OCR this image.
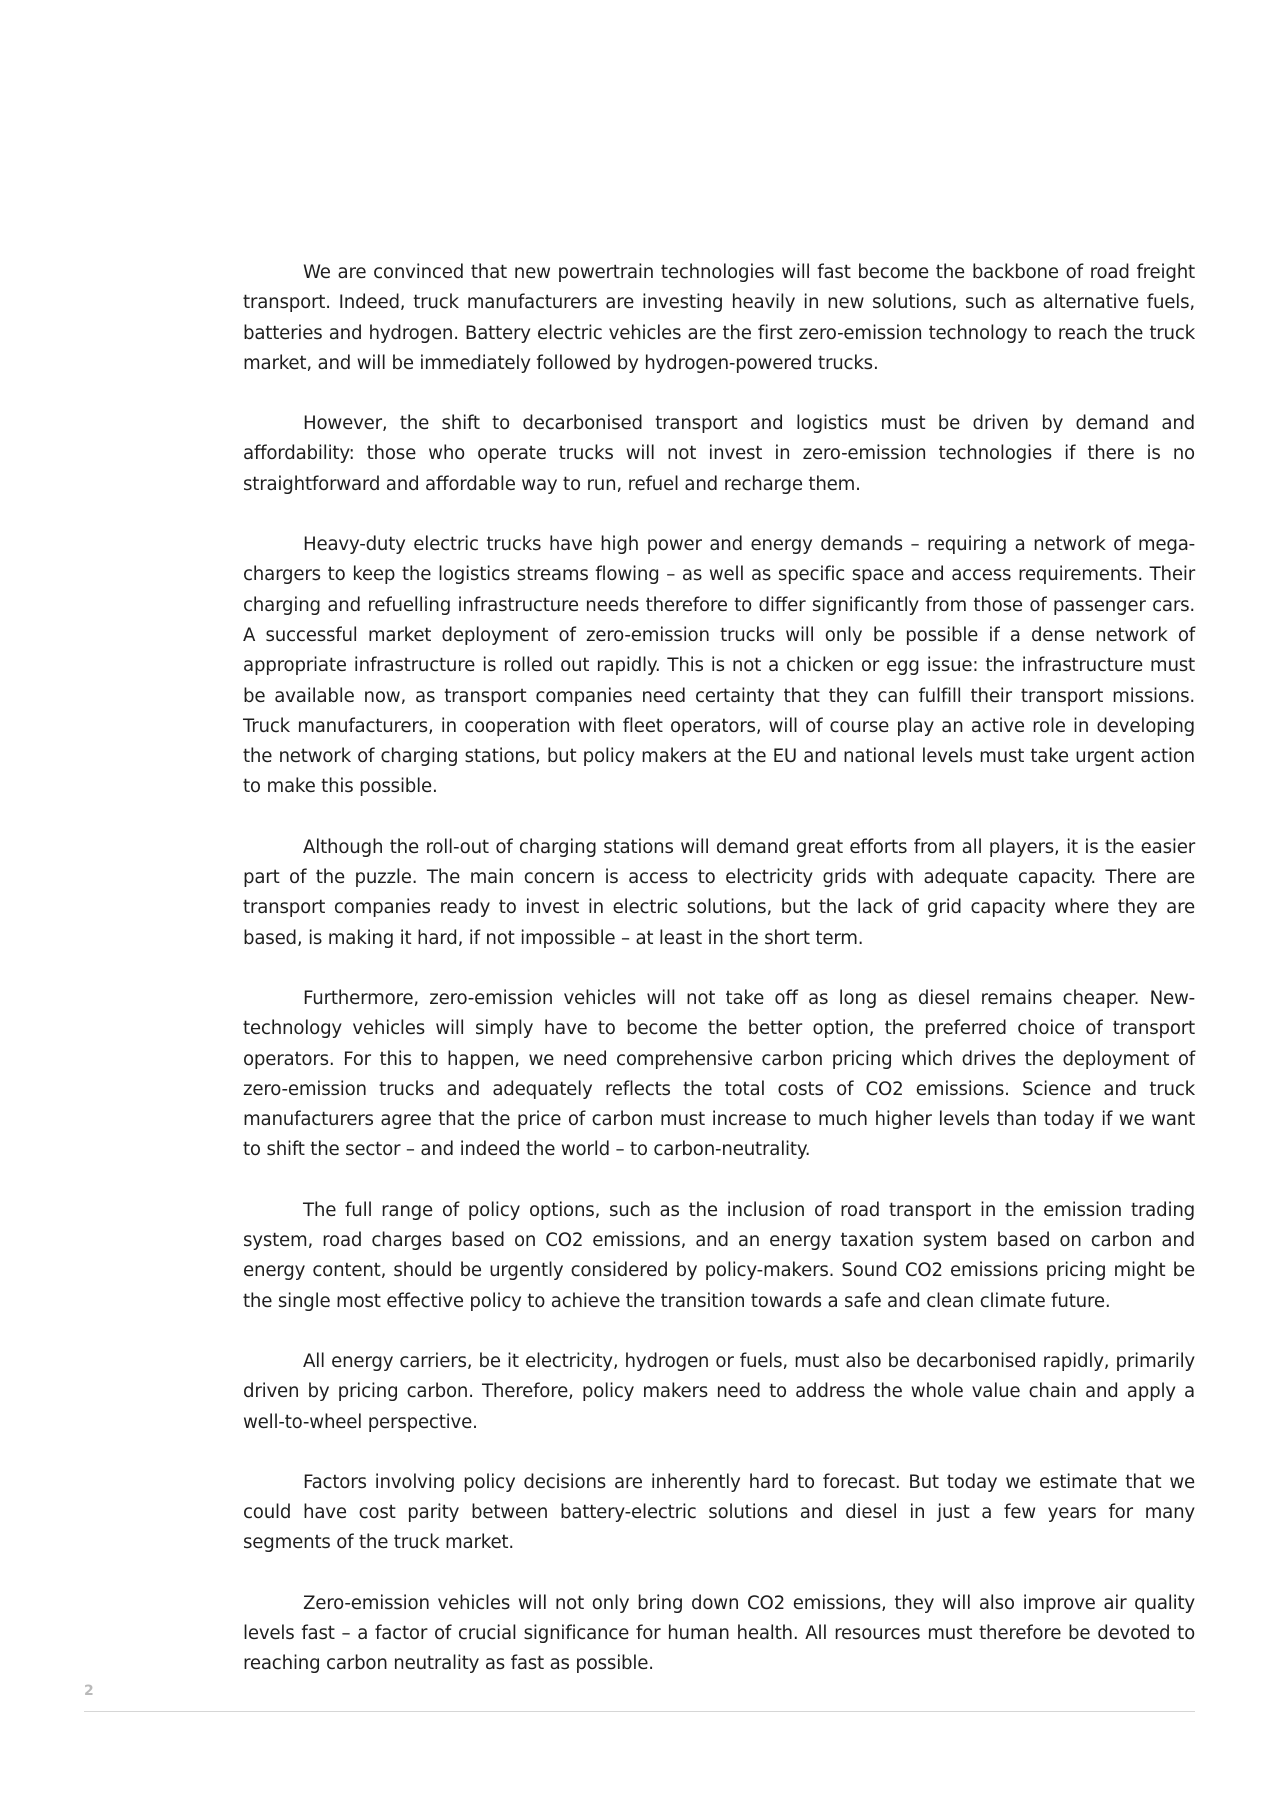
We are convinced that new powertrain technologies will fast become the backbone of road freight transport. Indeed, truck manufacturers are investing heavily in new solutions, such as alternative fuels, batteries and hydrogen. Battery electric vehicles are the first zero-emission technology to reach the truck market, and will be immediately followed by hydrogen-powered trucks.

However, the shift to decarbonised transport and logistics must be driven by demand and affordability: those who operate trucks will not invest in zero-emission technologies if there is no straightforward and affordable way to run, refuel and recharge them.

Heavy-duty electric trucks have high power and energy demands – requiring a network of mega-chargers to keep the logistics streams flowing – as well as specific space and access requirements. Their charging and refuelling infrastructure needs therefore to differ significantly from those of passenger cars. A successful market deployment of zero-emission trucks will only be possible if a dense network of appropriate infrastructure is rolled out rapidly. This is not a chicken or egg issue: the infrastructure must be available now, as transport companies need certainty that they can fulfill their transport missions. Truck manufacturers, in cooperation with fleet operators, will of course play an active role in developing the network of charging stations, but policy makers at the EU and national levels must take urgent action to make this possible.

Although the roll-out of charging stations will demand great efforts from all players, it is the easier part of the puzzle. The main concern is access to electricity grids with adequate capacity. There are transport companies ready to invest in electric solutions, but the lack of grid capacity where they are based, is making it hard, if not impossible – at least in the short term.

Furthermore, zero-emission vehicles will not take off as long as diesel remains cheaper. New-technology vehicles will simply have to become the better option, the preferred choice of transport operators. For this to happen, we need comprehensive carbon pricing which drives the deployment of zero-emission trucks and adequately reflects the total costs of CO2 emissions. Science and truck manufacturers agree that the price of carbon must increase to much higher levels than today if we want to shift the sector – and indeed the world – to carbon-neutrality.

The full range of policy options, such as the inclusion of road transport in the emission trading system, road charges based on CO2 emissions, and an energy taxation system based on carbon and energy content, should be urgently considered by policy-makers. Sound CO2 emissions pricing might be the single most effective policy to achieve the transition towards a safe and clean climate future.

All energy carriers, be it electricity, hydrogen or fuels, must also be decarbonised rapidly, primarily driven by pricing carbon. Therefore, policy makers need to address the whole value chain and apply a well-to-wheel perspective.

Factors involving policy decisions are inherently hard to forecast. But today we estimate that we could have cost parity between battery-electric solutions and diesel in just a few years for many segments of the truck market.

Zero-emission vehicles will not only bring down CO2 emissions, they will also improve air quality levels fast – a factor of crucial significance for human health. All resources must therefore be devoted to reaching carbon neutrality as fast as possible.

2
